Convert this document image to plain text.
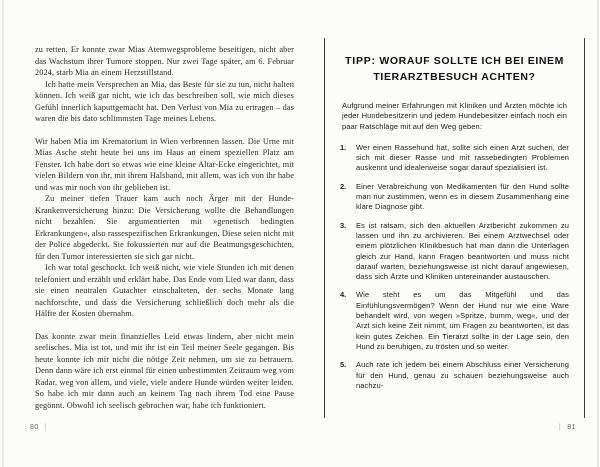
zu retten. Er konnte zwar Mias Atemwegsprobleme beseitigen, nicht aber das Wachstum ihrer Tumore stoppen. Nur zwei Tage später, am 6. Februar 2024, starb Mia an einem Herzstillstand.

Ich hatte mein Versprechen an Mia, das Beste für sie zu tun, nicht halten können. Ich weiß gar nicht, wie ich das beschreiben soll, wie mich dieses Gefühl innerlich kaputtgemacht hat. Den Verlust von Mia zu ertragen – das waren die bis dato schlimmsten Tage meines Lebens.

Wir haben Mia im Krematorium in Wien verbrennen lassen. Die Urne mit Mias Asche steht heute bei uns im Haus an einem speziellen Platz am Fenster. Ich habe dort so etwas wie eine kleine Altar-Ecke eingerichtet, mit vielen Bildern von ihr, mit ihrem Halsband, mit allem, was ich von ihr habe und was mir noch von ihr geblieben ist.

Zu meiner tiefen Trauer kam auch noch Ärger mit der Hunde-Krankenversicherung hinzu: Die Versicherung wollte die Behandlungen nicht bezahlen. Sie argumentierten mit »genetisch bedingten Erkrankungen«, also rassespezifischen Erkrankungen. Diese seien nicht mit der Police abgedeckt. Sie fokussierten nur auf die Beatmungsgeschichten, für den Tumor interessierten sie sich gar nicht.

Ich war total geschockt. Ich weiß nicht, wie viele Stunden ich mit denen telefoniert und erzählt und erklärt habe. Das Ende vom Lied war dann, dass sie einen neutralen Gutachter einschalteten, der sechs Monate lang nachforschte, und dass die Versicherung schließlich doch mehr als die Hälfte der Kosten übernahm.

Das konnte zwar mein finanzielles Leid etwas lindern, aber nicht mein seelisches. Mia ist tot, und mit ihr ist ein Teil meiner Seele gegangen. Bis heute konnte ich mir nicht die nötige Zeit nehmen, um sie zu betrauern. Denn dann wäre ich erst einmal für einen unbestimmten Zeitraum weg vom Radar, weg von allem, und viele, viele andere Hunde würden weiter leiden. So habe ich mir dann auch an keinem Tag nach ihrem Tod eine Pause gegönnt. Obwohl ich seelisch gebrochen war, habe ich funktioniert.

80 |
TIPP: WORAUF SOLLTE ICH BEI EINEM TIERARZTBESUCH ACHTEN?

Aufgrund meiner Erfahrungen mit Kliniken und Ärzten möchte ich jeder Hundebesitzerin und jedem Hundebesitzer einfach noch ein paar Ratschläge mit auf den Weg geben:

1.	Wer einen Rassehund hat, sollte sich einen Arzt suchen, der sich mit dieser Rasse und mit rassebedingten Problemen auskennt und idealerweise sogar darauf spezialisiert ist.
2.	Einer Verabreichung von Medikamenten für den Hund sollte man nur zustimmen, wenn es in diesem Zusammenhang eine klare Diagnose gibt.
3.	Es ist ratsam, sich den aktuellen Arztbericht zukommen zu lassen und ihn zu archivieren. Bei einem Arztwechsel oder einem plötzlichen Klinikbesuch hat man dann die Unterlagen gleich zur Hand, kann Fragen beantworten und muss nicht darauf warten, beziehungsweise ist nicht darauf angewiesen, dass sich Ärzte und Kliniken untereinander austauschen.
4.	Wie steht es um das Mitgefühl und das Einfühlungsvermögen? Wenn der Hund nur wie eine Ware behandelt wird, von wegen »Spritze, bumm, weg«, und der Arzt sich keine Zeit nimmt, um Fragen zu beantworten, ist das kein gutes Zeichen. Ein Tierarzt sollte in der Lage sein, den Hund zu beruhigen, zu trösten und so weiter.
5.	Auch rate ich jedem bei einem Abschluss einer Versicherung für den Hund, genau zu schauen beziehungsweise auch nachzu-
| 81
